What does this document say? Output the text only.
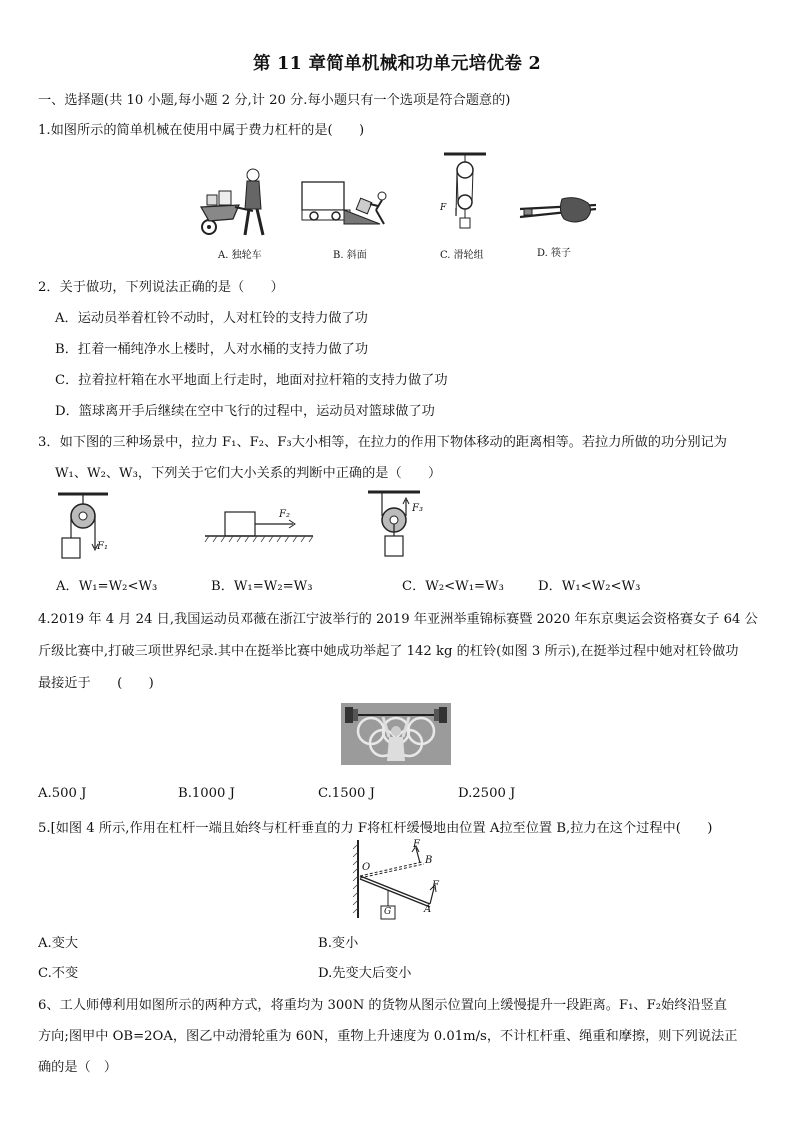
第 11 章简单机械和功单元培优卷 2
一、选择题(共 10 小题,每小题 2 分,计 20 分.每小题只有一个选项是符合题意的)
1.如图所示的简单机械在使用中属于费力杠杆的是(　　)
A. 独轮车	B. 斜面
F
C. 滑轮组	D. 筷子
2．关于做功，下列说法正确的是（　　）
A．运动员举着杠铃不动时，人对杠铃的支持力做了功
B．扛着一桶纯净水上楼时，人对水桶的支持力做了功
C．拉着拉杆箱在水平地面上行走时，地面对拉杆箱的支持力做了功
D．篮球离开手后继续在空中飞行的过程中，运动员对篮球做了功
3．如下图的三种场景中，拉力 F₁、F₂、F₃大小相等，在拉力的作用下物体移动的距离相等。若拉力所做的功分别记为
W₁、W₂、W₃，下列关于它们大小关系的判断中正确的是（　　）
F₁
F₂
F₃
A．W₁=W₂<W₃	B．W₁=W₂=W₃	C．W₂<W₁=W₃	D．W₁<W₂<W₃
4.2019 年 4 月 24 日,我国运动员邓薇在浙江宁波举行的 2019 年亚洲举重锦标赛暨 2020 年东京奥运会资格赛女子 64 公
斤级比赛中,打破三项世界纪录.其中在挺举比赛中她成功举起了 142 kg 的杠铃(如图 3 所示),在挺举过程中她对杠铃做功
最接近于　　(　　)
A.500 J	B.1000 J	C.1500 J	D.2500 J
5.[如图 4 所示,作用在杠杆一端且始终与杠杆垂直的力 F将杠杆缓慢地由位置 A拉至位置 B,拉力在这个过程中(　　)
O
F
B
F
A
G
A.变大	B.变小
C.不变	D.先变大后变小
6、工人师傅利用如图所示的两种方式，将重均为 300N 的货物从图示位置向上缓慢提升一段距离。F₁、F₂始终沿竖直
方向;图甲中 OB=2OA，图乙中动滑轮重为 60N，重物上升速度为 0.01m/s，不计杠杆重、绳重和摩擦，则下列说法正
确的是（　）
